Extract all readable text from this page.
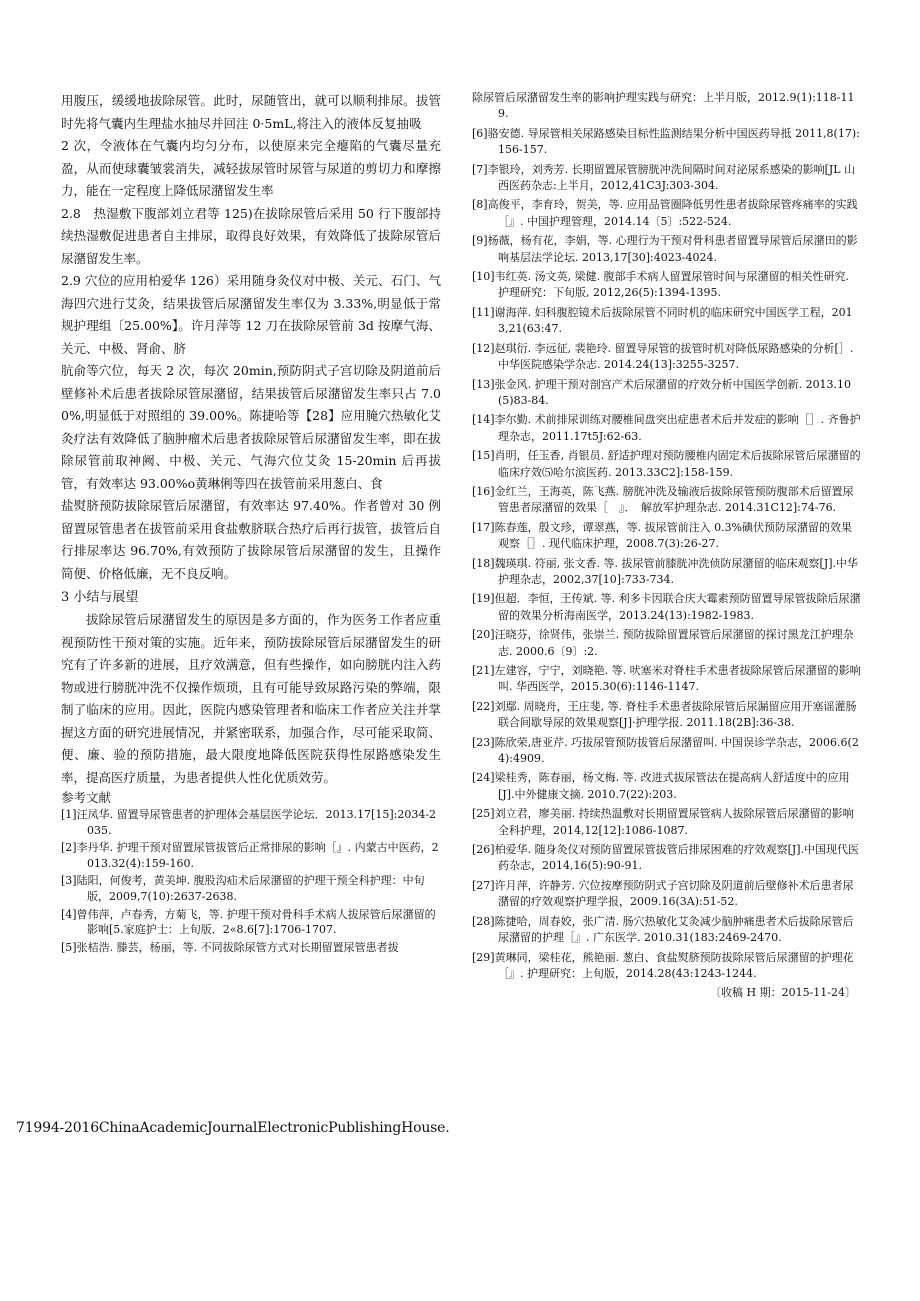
用腹压，缓缓地拔除尿管。此时，尿随管出，就可以顺利排尿。拔管时先将气囊内生理盐水抽尽并回注 0·5mL,将注入的液体反复抽吸

2 次，令液体在气囊内均匀分布，以使原来完全瘪陷的气囊尽量充盈，从而使球囊皱裳消失，减轻拔尿管时尿管与尿道的剪切力和摩擦力，能在一定程度上降低尿潴留发生率

2.8　热湿敷下腹部刘立君等 125)在拔除尿管后采用 50 行下腹部持续热湿敷促进患者自主排尿，取得良好效果，有效降低了拔除尿管后尿潴留发生率。

2.9 穴位的应用柏爱华 126）采用随身灸仪对中极、关元、石门、气海四穴进行艾灸，结果拔管后尿潴留发生率仅为 3.33%,明显低于常规护理组〔25.00%】。许月萍等 12 刀在拔除尿管前 3d 按摩气海、关元、中极、肾俞、脐

肮俞等穴位，每天 2 次，每次 20min,预防阴式子宫切除及阴道前后壁修补术后患者拔除尿管尿潴留，结果拔管后尿潴留发生率只占 7.00%,明显低于对照组的 39.00%。陈捷哈等【28】应用腌穴热敏化艾灸疗法有效降低了脑肿瘤术后患者拔除尿管后尿潴留发生率，即在拔除尿管前取神阙、中极、关元、气海穴位艾灸 15-20min 后再拔管，有效率达 93.00%o黄琳俐等四在拔管前采用葱白、食

盐熨脐预防拔除尿管后尿潴留，有效率达 97.40%。作者曾对 30 例留置尿管患者在拔管前采用食盐敷脐联合热疗后再行拔管，拔管后自行排尿率达 96.70%,有效预防了拔除尿管后尿潴留的发生，且操作简便、价格低廉，无不良反响。

3 小结与展望

拔除尿管后尿潴留发生的原因是多方面的，作为医务工作者应重视预防性干预对策的实施。近年来，预防拔除尿管后尿潴留发生的研究有了许多新的进展，且疗效满意，但有些操作，如向膀胱内注入药物或进行膀胱冲洗不仅操作烦琐，且有可能导致尿路污染的弊端，限制了临床的应用。因此，医院内感染管理者和临床工作者应关注并掌握这方面的研究进展情况，并紧密联系，加强合作，尽可能采取简、便、廉、验的预防措施，最大限度地降低医院获得性尿路感染发生率，提高医疗质量，为患者提供人性化优质效劳。

参考文献

[1]汪凤华. 留置导尿管患者的护理体会基层医学论坛．2013.17[15]:2034-2035.

[2]李丹华. 护理干预对留置尿管拔管后正常排尿的影响［』. 内蒙古中医药，2013.32(4):159-160.

[3]陆阳，何俊考，黄美坤. 腹股沟疝术后尿潴留的护理干预全科护理：中旬版，2009,7(10):2637-2638.

[4]曾伟萍，卢春秀，方菊飞，等. 护理干预对骨科手术病人拔尿管后尿潴留的影响[5.家庭护士：上旬版．2«8.6[7]:1706-1707.

[5]张桔浩. 滕芸，杨丽，等. 不同拔除尿管方式对长期留置尿管患者拔

除尿管后尿潴留发生率的影响护理实践与研究：上半月版，2012.9(1):118-119.

[6]骆安德. 导尿管相关尿路感染目标性监测结果分析中国医药导抵 2011,8(17):156-157.

[7]李银玲，刘秀芳. 长期留置尿管膀胱冲洗间隔时间对泌尿系感染的影响[JL 山西医药杂志:上半月，2012,41C3J:303-304.

[8]高俊平，李育玲，贺美，等. 应用品管圈降低男性患者拔除尿管疼痛率的实践［』. 中国护理管理，2014.14〔5〕:522-524.

[9]杨薇，杨有花，李娟，等. 心理行为干预对骨科患者留置导尿管后尿潴田的影响基层法学论坛. 2013,17[30]:4023-4024.

[10]韦红英. 汤文英, 梁健. 腹部手术病人留置尿管时间与尿潴留的相关性研究. 护理研究：下旬版, 2012,26(5):1394-1395.

[11]谢海萍. 妇科腹腔镜术后拔除尿管不同时机的临床研究中国医学工程，2013,21(63:47.

[12]赵琪衍. 李远征, 裴艳玲. 留置导尿管的拔管时机对降低尿路感染的分析[］. 中华医院感染学杂志. 2014.24(13]:3255-3257.

[13]张金风. 护理干预对剖宫产术后尿潴留的疗效分析中国医学创新. 2013.10(5)83-84.

[14]李尔勤. 术前排尿训练对腰椎间盘突出症患者术后并发症的影响［］. 齐鲁护理杂志，2011.17t5J:62-63.

[15]肖明，任玉香, 肖银员. 舒适护理对预防腰椎内固定术后拔除尿管后尿潴留的临床疗效⑸哈尔滨医药. 2013.33C2]:158-159.

[16]金红兰，王海英，陈飞燕. 膀胱冲洗及输液后拔除尿管预防腹部术后留置尿管患者尿潴留的效果［　』．　解放军护理杂志. 2014.31C12]:74-76.

[17]陈春莲，殷文珍，谭翠燕，等. 拔尿管前注入 0.3%碘伏预防尿潴留的效果观察［］. 现代临床护理，2008.7(3):26-27.

[18]魏瑛琪. 符丽, 张文香. 等. 拔尿管前膝胱冲洗侦防尿潴留的临床观察[J].中华护理杂志，2002,37[10]:733-734.

[19]但超．李恒，王传斌. 等. 利多卡因联合庆大霉素预防留置导尿管拔除后尿潴留的效果分析海南医学，2013.24(13):1982-1983.

[20]汪晓芬，徐贤伟，张崇兰. 预防拔除留置尿管后尿潴留的探讨黑龙江护理杂志. 2000.6〔9〕:2.

[21]左建容，宁宁，刘晓艳. 等. 吠塞米对脊柱手术患者拔除尿管后尿潴留的影响叫. 华西医学，2015.30(6):1146-1147.

[22]刘鄢. 周晓舟，王庄斐, 等. 脊柱手术患者拔除尿管后尿漏留应用开塞谣灌肠联合间歇导尿的效果观察[J]·护理学报. 2011.18(2B]:36-38.

[23]陈欣荣,唐亚芹. 巧拔尿管预防拔管后尿潴留叫. 中国误诊学杂志，2006.6(24):4909.

[24]梁桂秀，陈春丽，杨文梅. 等. 改进式拔尿管法在提高病人舒适度中的应用[J].中外健康文摘. 2010.7(22):203.

[25]刘立君，廖美丽. 持续热温敷对长期留置尿管病人拔除尿管后尿潴留的影响全科护理，2014,12[12]:1086-1087.

[26]柏爱华. 随身灸仪对预防留置尿管拔管后排尿困难的疗效观察[J].中国现代医药杂志，2014,16(5):90-91.

[27]许月萍，许静芳. 穴位按摩预防阴式子宫切除及阴道前后壁修补术后患者尿潴留的疗效观察护理学报，2009.16(3A):51-52.

[28]陈捷哈，周春姣，张广清. 肠穴热敏化艾灸减少脑肿痛患者术后拔除尿管后尿潴留的护理［』. 广东医学. 2010.31(183:2469-2470.

[29]黄琳同，梁桂花，熊艳丽. 葱白、食盐熨脐预防拔除尿管后尿潴留的护理花［』. 护理研究：上旬版，2014.28(43:1243-1244.

〔收稿 H 期：2015-11-24〕

71994-2016ChinaAcademicJournalElectronicPublishingHouse.
